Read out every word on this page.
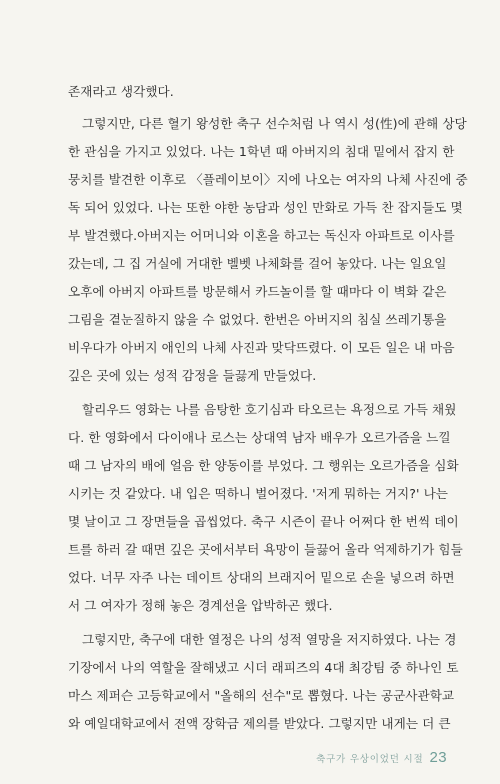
존재라고 생각했다.
그렇지만, 다른 혈기 왕성한 축구 선수처럼 나 역시 성(性)에 관해 상당
한 관심을 가지고 있었다. 나는 1학년 때 아버지의 침대 밑에서 잡지 한
뭉치를 발견한 이후로 〈플레이보이〉지에 나오는 여자의 나체 사진에 중
독 되어 있었다. 나는 또한 야한 농담과 성인 만화로 가득 찬 잡지들도 몇
부 발견했다.아버지는 어머니와 이혼을 하고는 독신자 아파트로 이사를
갔는데, 그 집 거실에 거대한 벨벳 나체화를 걸어 놓았다. 나는 일요일
오후에 아버지 아파트를 방문해서 카드놀이를 할 때마다 이 벽화 같은
그림을 곁눈질하지 않을 수 없었다. 한번은 아버지의 침실 쓰레기통을
비우다가 아버지 애인의 나체 사진과 맞닥뜨렸다. 이 모든 일은 내 마음
깊은 곳에 있는 성적 감정을 들끓게 만들었다.
할리우드 영화는 나를 음탕한 호기심과 타오르는 욕정으로 가득 채웠
다. 한 영화에서 다이애나 로스는 상대역 남자 배우가 오르가즘을 느낄
때 그 남자의 배에 얼음 한 양동이를 부었다. 그 행위는 오르가즘을 심화
시키는 것 같았다. 내 입은 떡하니 벌어졌다. '저게 뭐하는 거지?' 나는
몇 날이고 그 장면들을 곱씹었다. 축구 시즌이 끝나 어쩌다 한 번씩 데이
트를 하러 갈 때면 깊은 곳에서부터 욕망이 들끓어 올라 억제하기가 힘들
었다. 너무 자주 나는 데이트 상대의 브래지어 밑으로 손을 넣으려 하면
서 그 여자가 정해 놓은 경계선을 압박하곤 했다.
그렇지만, 축구에 대한 열정은 나의 성적 열망을 저지하였다. 나는 경
기장에서 나의 역할을 잘해냈고 시더 래피즈의 4대 최강팀 중 하나인 토
마스 제퍼슨 고등학교에서 "올해의 선수"로 뽑혔다. 나는 공군사관학교
와 예일대학교에서 전액 장학금 제의를 받았다. 그렇지만 내게는 더 큰
축구가 우상이었던 시절 23
